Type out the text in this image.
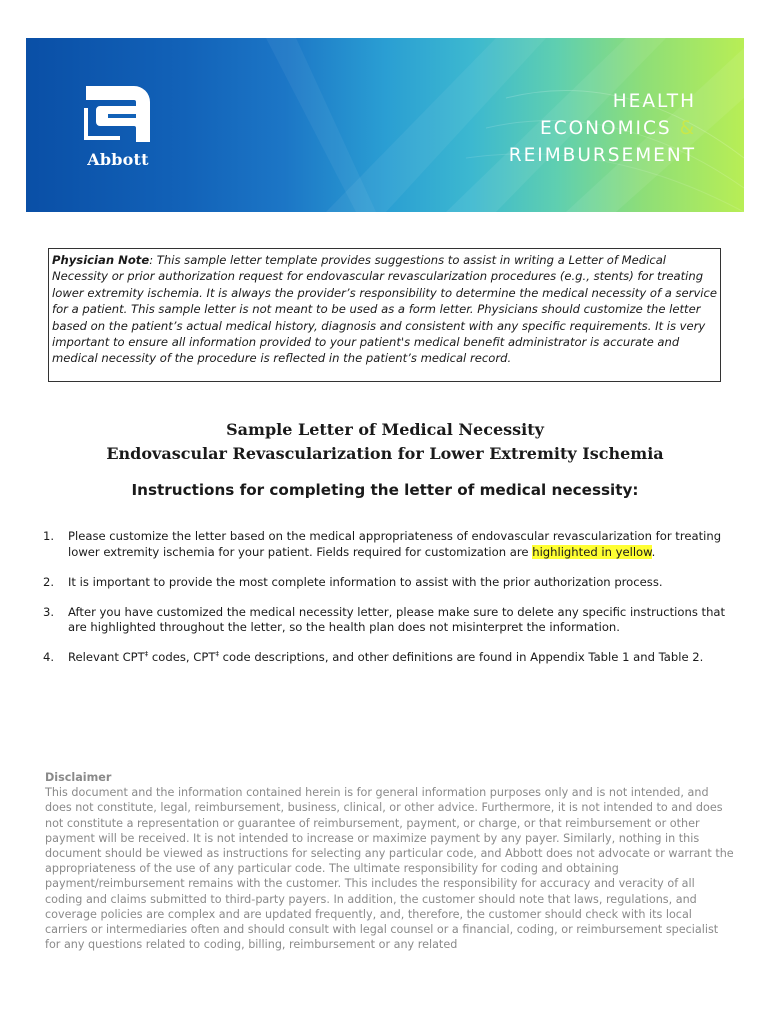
Abbott
HEALTH
ECONOMICS &
REIMBURSEMENT
Physician Note: This sample letter template provides suggestions to assist in writing a Letter of Medical Necessity or prior authorization request for endovascular revascularization procedures (e.g., stents) for treating lower extremity ischemia. It is always the provider’s responsibility to determine the medical necessity of a service for a patient. This sample letter is not meant to be used as a form letter. Physicians should customize the letter based on the patient’s actual medical history, diagnosis and consistent with any specific requirements. It is very important to ensure all information provided to your patient's medical benefit administrator is accurate and medical necessity of the procedure is reflected in the patient’s medical record.
Sample Letter of Medical Necessity
Endovascular Revascularization for Lower Extremity Ischemia
Instructions for completing the letter of medical necessity:
1. Please customize the letter based on the medical appropriateness of endovascular revascularization for treating lower extremity ischemia for your patient. Fields required for customization are highlighted in yellow.
2. It is important to provide the most complete information to assist with the prior authorization process.
3. After you have customized the medical necessity letter, please make sure to delete any specific instructions that are highlighted throughout the letter, so the health plan does not misinterpret the information.
4. Relevant CPT‡ codes, CPT‡ code descriptions, and other definitions are found in Appendix Table 1 and Table 2.
Disclaimer
This document and the information contained herein is for general information purposes only and is not intended, and does not constitute, legal, reimbursement, business, clinical, or other advice. Furthermore, it is not intended to and does not constitute a representation or guarantee of reimbursement, payment, or charge, or that reimbursement or other payment will be received. It is not intended to increase or maximize payment by any payer. Similarly, nothing in this document should be viewed as instructions for selecting any particular code, and Abbott does not advocate or warrant the appropriateness of the use of any particular code. The ultimate responsibility for coding and obtaining payment/reimbursement remains with the customer. This includes the responsibility for accuracy and veracity of all coding and claims submitted to third-party payers. In addition, the customer should note that laws, regulations, and coverage policies are complex and are updated frequently, and, therefore, the customer should check with its local carriers or intermediaries often and should consult with legal counsel or a financial, coding, or reimbursement specialist for any questions related to coding, billing, reimbursement or any related
